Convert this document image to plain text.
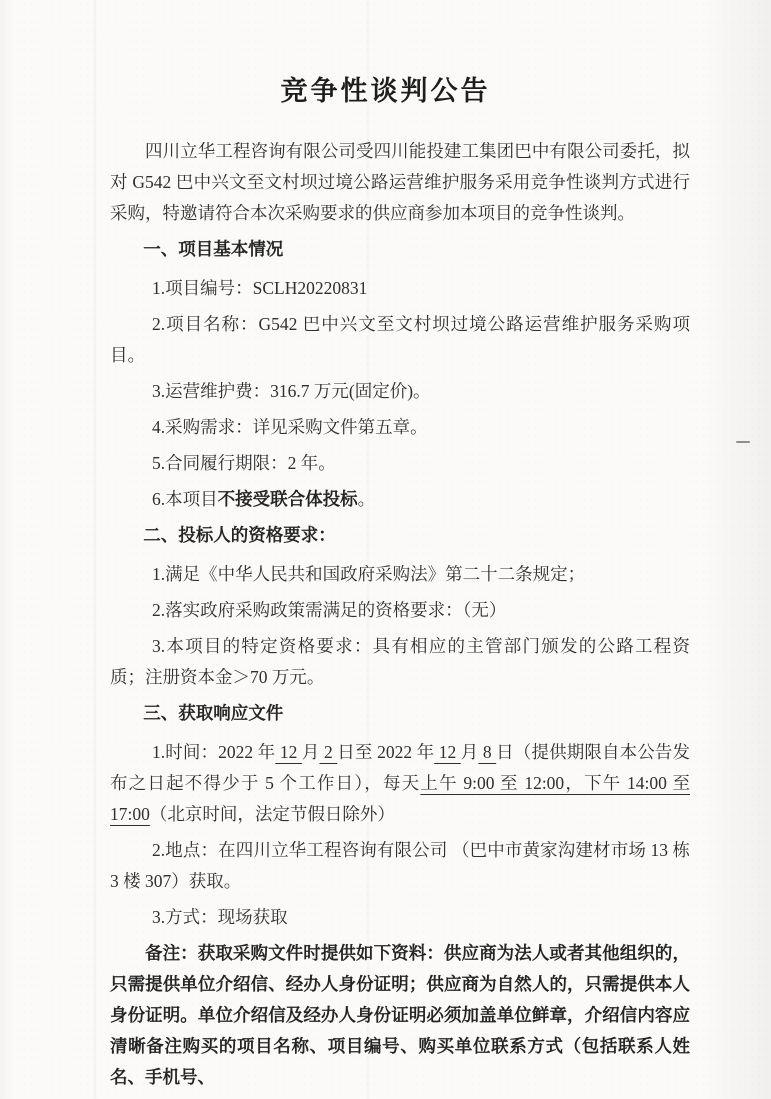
竞争性谈判公告

四川立华工程咨询有限公司受四川能投建工集团巴中有限公司委托，拟对 G542 巴中兴文至文村坝过境公路运营维护服务采用竞争性谈判方式进行采购，特邀请符合本次采购要求的供应商参加本项目的竞争性谈判。

一、项目基本情况

1.项目编号：SCLH20220831

2.项目名称：G542 巴中兴文至文村坝过境公路运营维护服务采购项目。

3.运营维护费：316.7 万元(固定价)。

4.采购需求：详见采购文件第五章。

5.合同履行期限：2 年。

6.本项目不接受联合体投标。

二、投标人的资格要求：

1.满足《中华人民共和国政府采购法》第二十二条规定；

2.落实政府采购政策需满足的资格要求：（无）

3.本项目的特定资格要求：具有相应的主管部门颁发的公路工程资质；注册资本金＞70 万元。

三、获取响应文件

1.时间：2022 年 12 月 2 日至 2022 年 12 月 8 日（提供期限自本公告发布之日起不得少于 5 个工作日），每天上午 9:00 至 12:00，下午 14:00 至 17:00（北京时间，法定节假日除外）

2.地点：在四川立华工程咨询有限公司 （巴中市黄家沟建材市场 13 栋 3 楼 307）获取。

3.方式：现场获取

备注：获取采购文件时提供如下资料：供应商为法人或者其他组织的，只需提供单位介绍信、经办人身份证明；供应商为自然人的，只需提供本人身份证明。单位介绍信及经办人身份证明必须加盖单位鲜章，介绍信内容应清晰备注购买的项目名称、项目编号、购买单位联系方式（包括联系人姓名、手机号、
